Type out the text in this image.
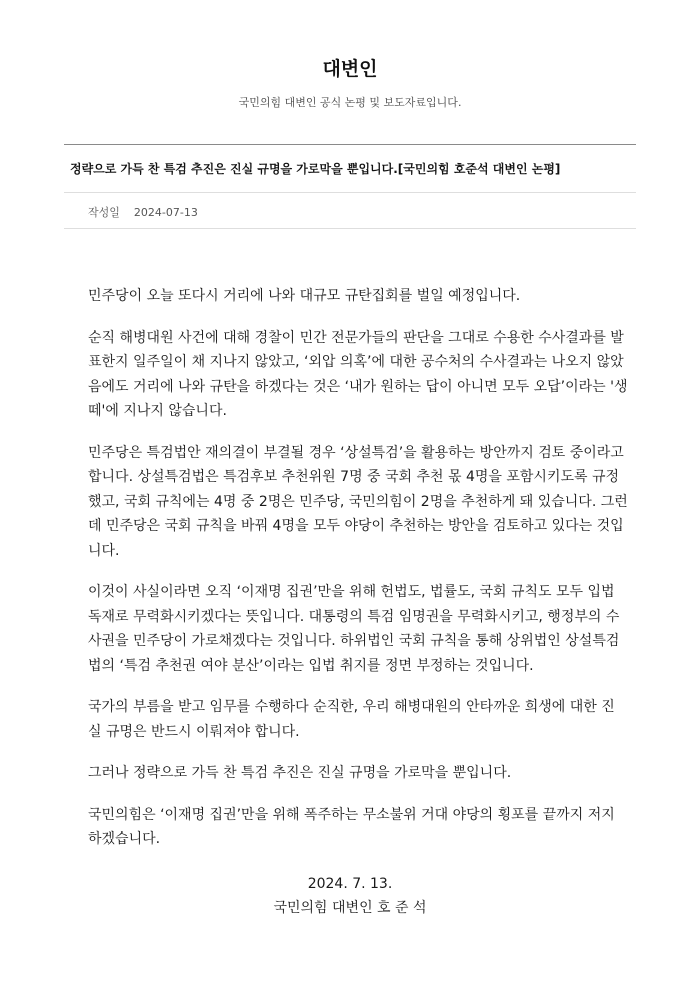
대변인
국민의힘 대변인 공식 논평 및 보도자료입니다.
정략으로 가득 찬 특검 추진은 진실 규명을 가로막을 뿐입니다.[국민의힘 호준석 대변인 논평]
작성일 2024-07-13

민주당이 오늘 또다시 거리에 나와 대규모 규탄집회를 벌일 예정입니다.

순직 해병대원 사건에 대해 경찰이 민간 전문가들의 판단을 그대로 수용한 수사결과를 발표한지 일주일이 채 지나지 않았고, ‘외압 의혹’에 대한 공수처의 수사결과는 나오지 않았음에도 거리에 나와 규탄을 하겠다는 것은 ‘내가 원하는 답이 아니면 모두 오답’이라는 '생떼'에 지나지 않습니다.

민주당은 특검법안 재의결이 부결될 경우 ‘상설특검’을 활용하는 방안까지 검토 중이라고 합니다. 상설특검법은 특검후보 추천위원 7명 중 국회 추천 몫 4명을 포함시키도록 규정했고, 국회 규칙에는 4명 중 2명은 민주당, 국민의힘이 2명을 추천하게 돼 있습니다. 그런데 민주당은 국회 규칙을 바꿔 4명을 모두 야당이 추천하는 방안을 검토하고 있다는 것입니다.

이것이 사실이라면 오직 ‘이재명 집권’만을 위해 헌법도, 법률도, 국회 규칙도 모두 입법 독재로 무력화시키겠다는 뜻입니다. 대통령의 특검 임명권을 무력화시키고, 행정부의 수사권을 민주당이 가로채겠다는 것입니다. 하위법인 국회 규칙을 통해 상위법인 상설특검법의 ‘특검 추천권 여야 분산’이라는 입법 취지를 정면 부정하는 것입니다.

국가의 부름을 받고 임무를 수행하다 순직한, 우리 해병대원의 안타까운 희생에 대한 진실 규명은 반드시 이뤄져야 합니다.

그러나 정략으로 가득 찬 특검 추진은 진실 규명을 가로막을 뿐입니다.

국민의힘은 ‘이재명 집권’만을 위해 폭주하는 무소불위 거대 야당의 횡포를 끝까지 저지하겠습니다.

2024. 7. 13.
국민의힘 대변인 호 준 석
